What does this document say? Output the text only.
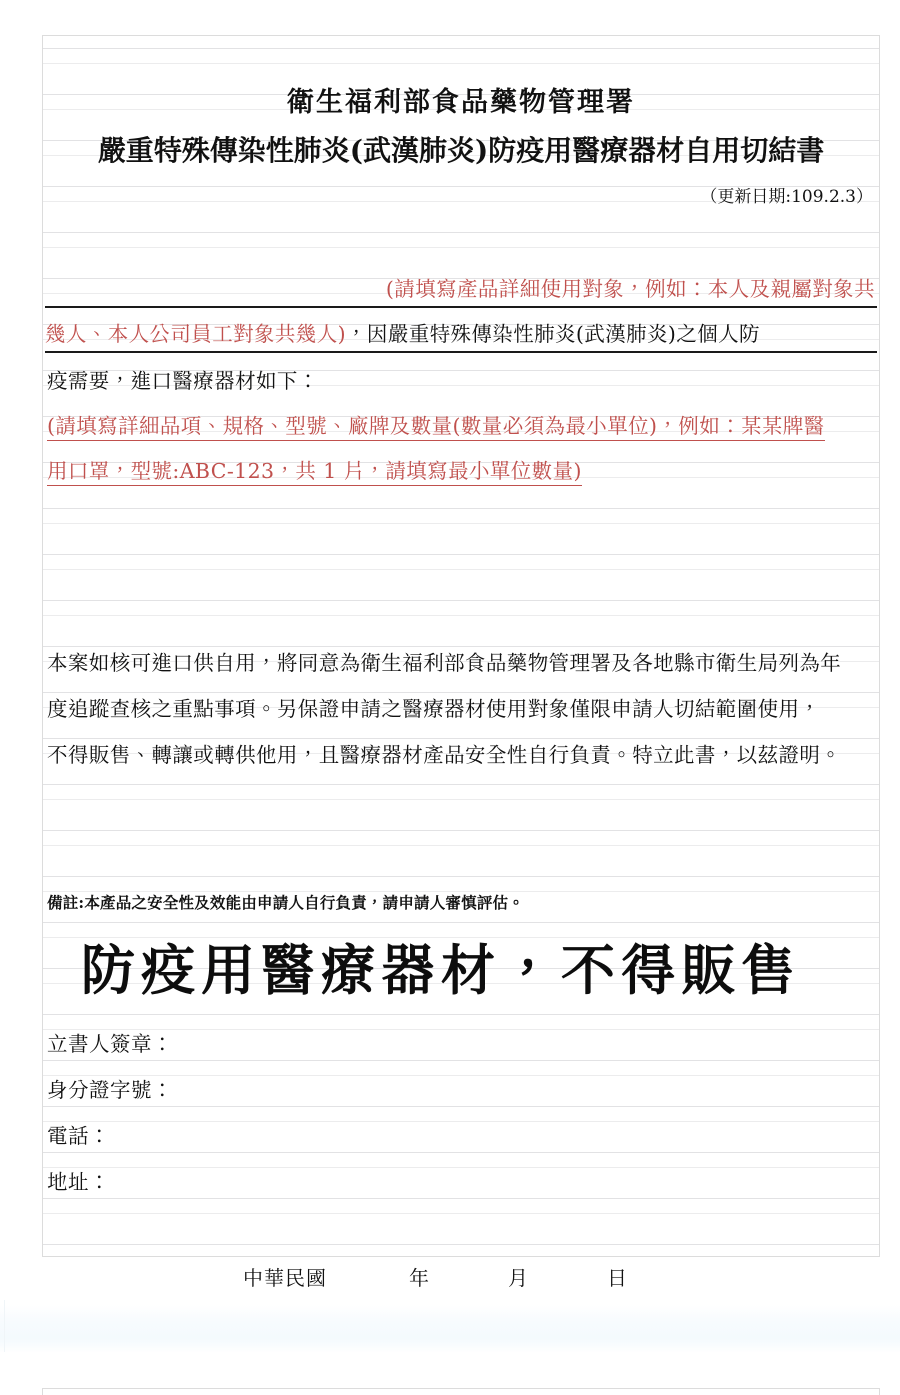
衛生福利部食品藥物管理署
嚴重特殊傳染性肺炎(武漢肺炎)防疫用醫療器材自用切結書
（更新日期:109.2.3）
(請填寫產品詳細使用對象，例如：本人及親屬對象共
幾人、本人公司員工對象共幾人)，因嚴重特殊傳染性肺炎(武漢肺炎)之個人防
疫需要，進口醫療器材如下：
(請填寫詳細品項、規格、型號、廠牌及數量(數量必須為最小單位)，例如：某某牌醫
用口罩，型號:ABC-123，共 1 片，請填寫最小單位數量)
本案如核可進口供自用，將同意為衛生福利部食品藥物管理署及各地縣市衛生局列為年
度追蹤查核之重點事項。另保證申請之醫療器材使用對象僅限申請人切結範圍使用，
不得販售、轉讓或轉供他用，且醫療器材產品安全性自行負責。特立此書，以茲證明。
備註:本產品之安全性及效能由申請人自行負責，請申請人審慎評估。
防疫用醫療器材，不得販售
立書人簽章：
身分證字號：
電話：
地址：
中華民國	年	月	日
